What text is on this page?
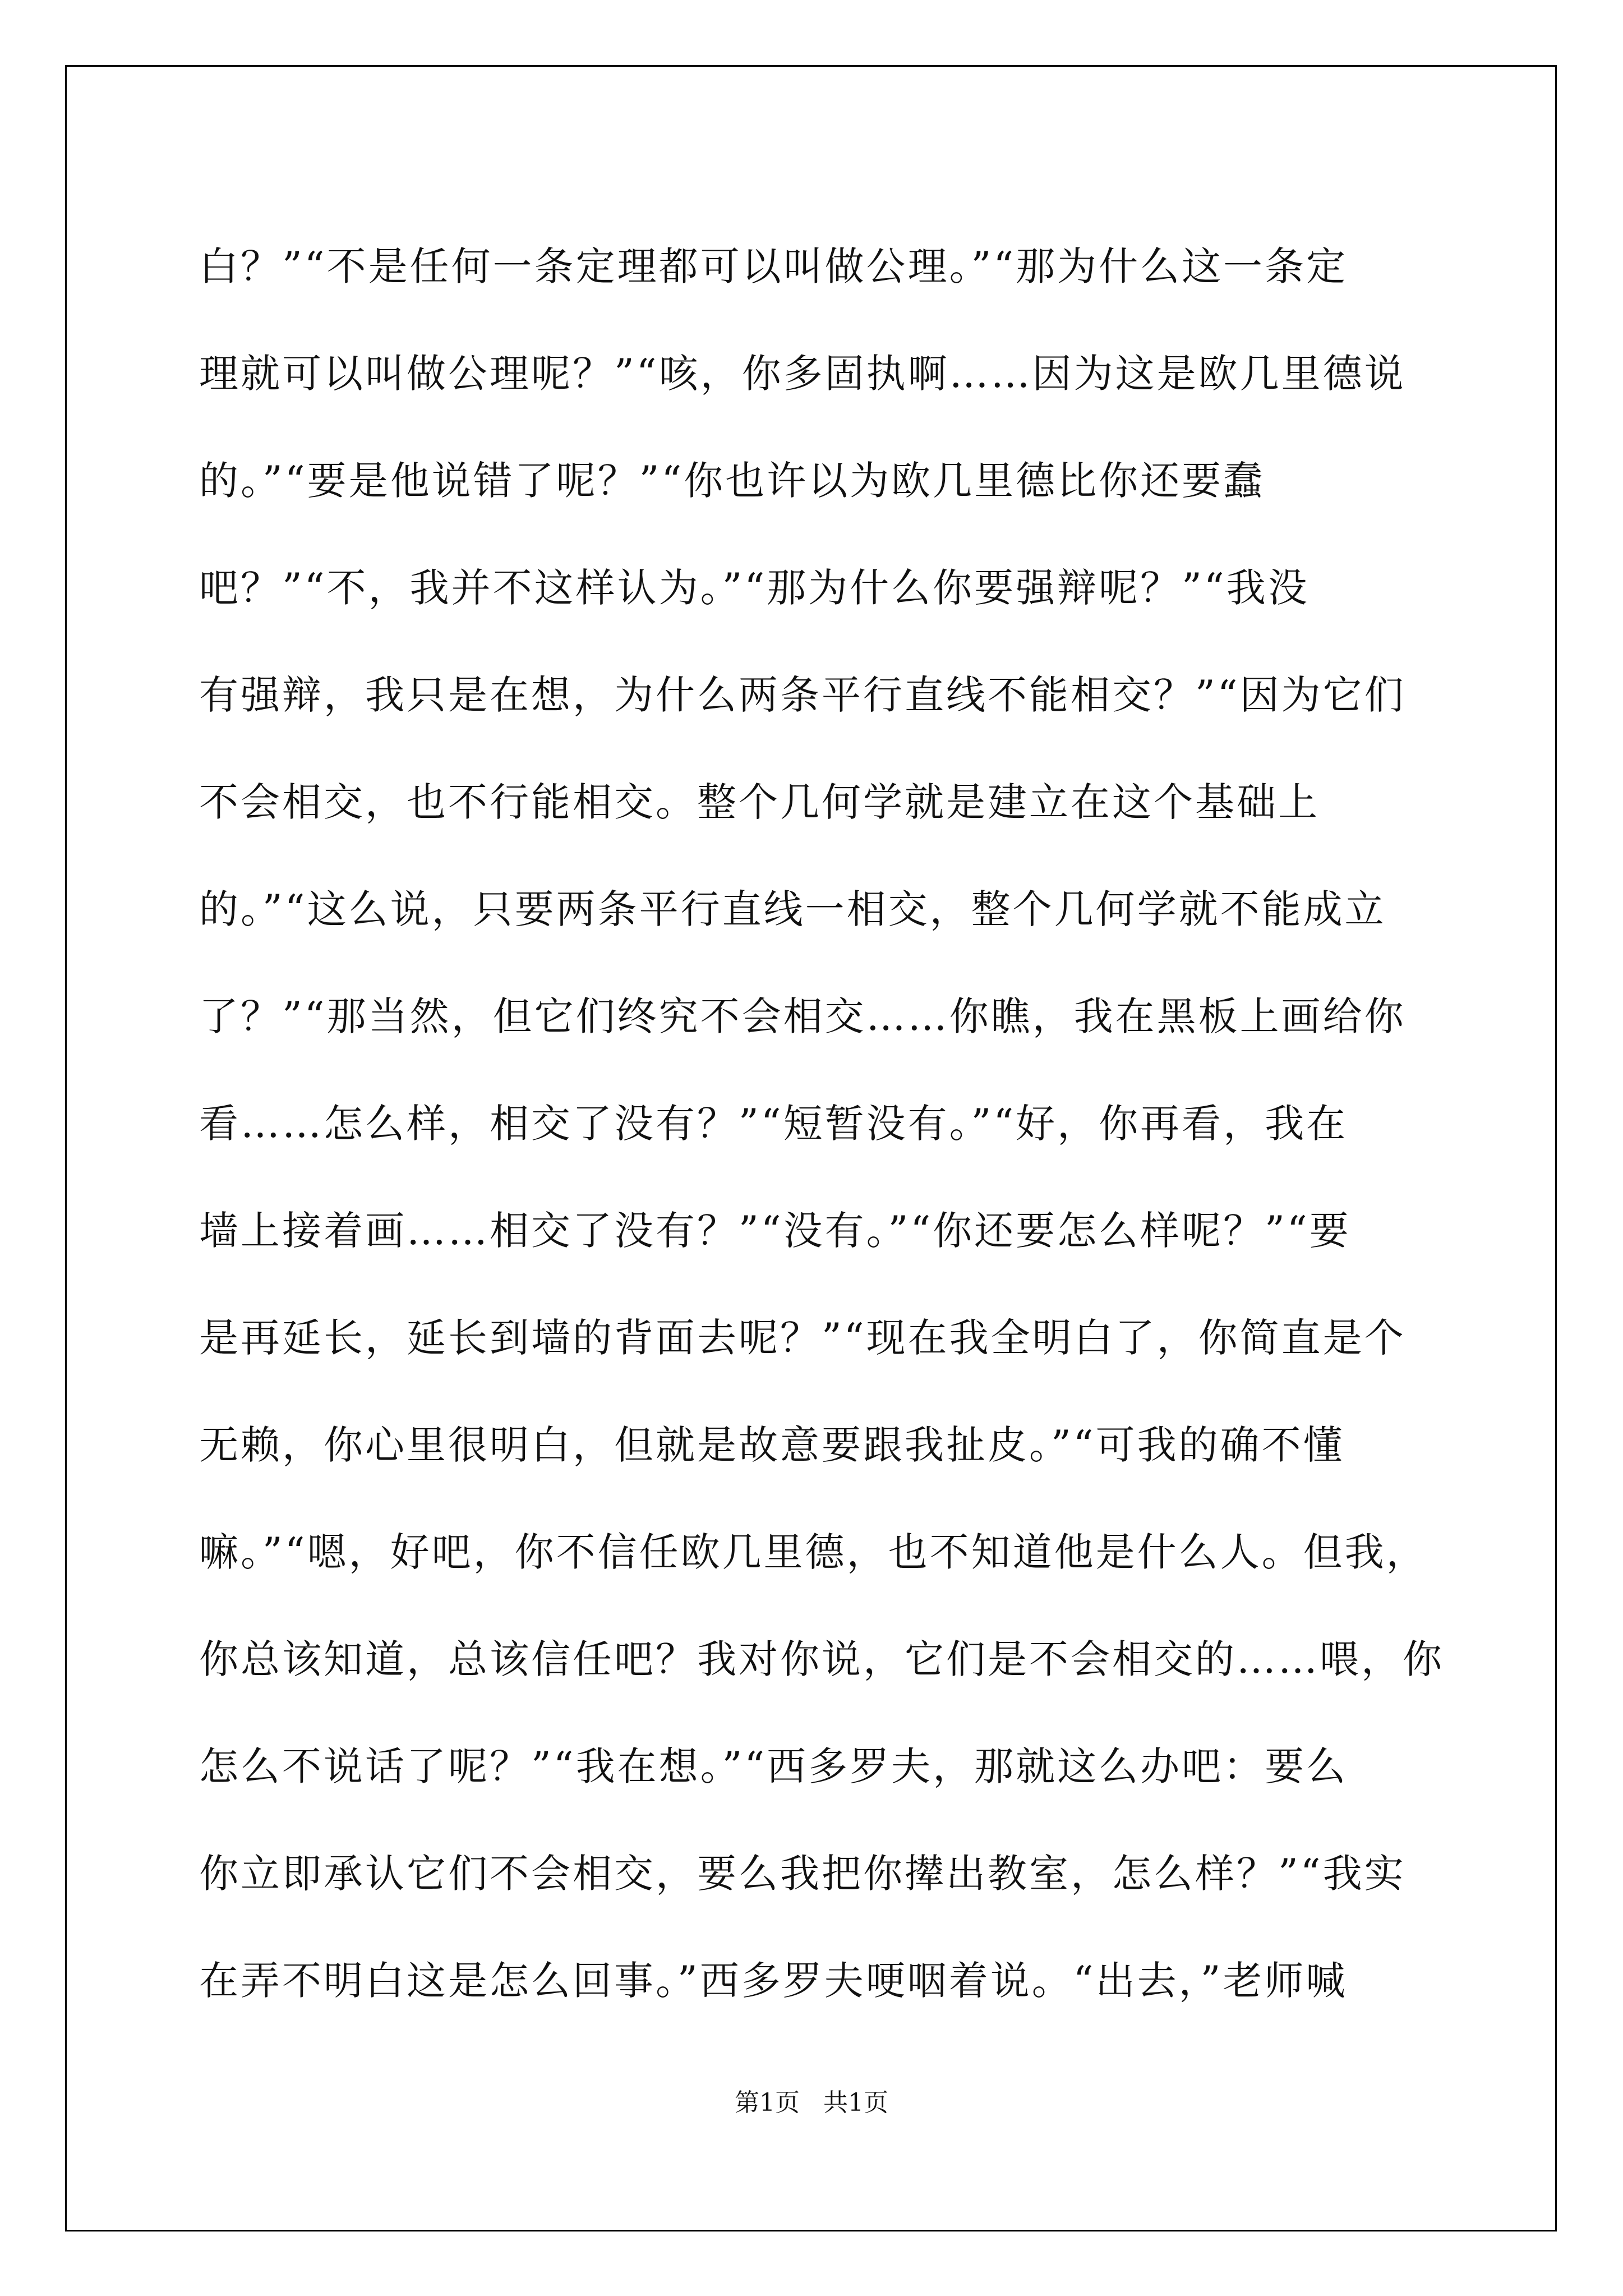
白？”“不是任何一条定理都可以叫做公理。”“那为什么这一条定
理就可以叫做公理呢？”“咳，你多固执啊……因为这是欧几里德说
的。”“要是他说错了呢？”“你也许以为欧几里德比你还要蠢
吧？”“不，我并不这样认为。”“那为什么你要强辩呢？”“我没
有强辩，我只是在想，为什么两条平行直线不能相交？”“因为它们
不会相交，也不行能相交。整个几何学就是建立在这个基础上
的。”“这么说，只要两条平行直线一相交，整个几何学就不能成立
了？”“那当然，但它们终究不会相交……你瞧，我在黑板上画给你
看……怎么样，相交了没有？”“短暂没有。”“好，你再看，我在
墙上接着画……相交了没有？”“没有。”“你还要怎么样呢？”“要
是再延长，延长到墙的背面去呢？”“现在我全明白了，你简直是个
无赖，你心里很明白，但就是故意要跟我扯皮。”“可我的确不懂
嘛。”“嗯，好吧，你不信任欧几里德，也不知道他是什么人。但我，
你总该知道，总该信任吧？我对你说，它们是不会相交的……喂，你
怎么不说话了呢？”“我在想。”“西多罗夫，那就这么办吧：要么
你立即承认它们不会相交，要么我把你撵出教室，怎么样？”“我实
在弄不明白这是怎么回事。”西多罗夫哽咽着说。“出去，”老师喊

第1页   共1页
